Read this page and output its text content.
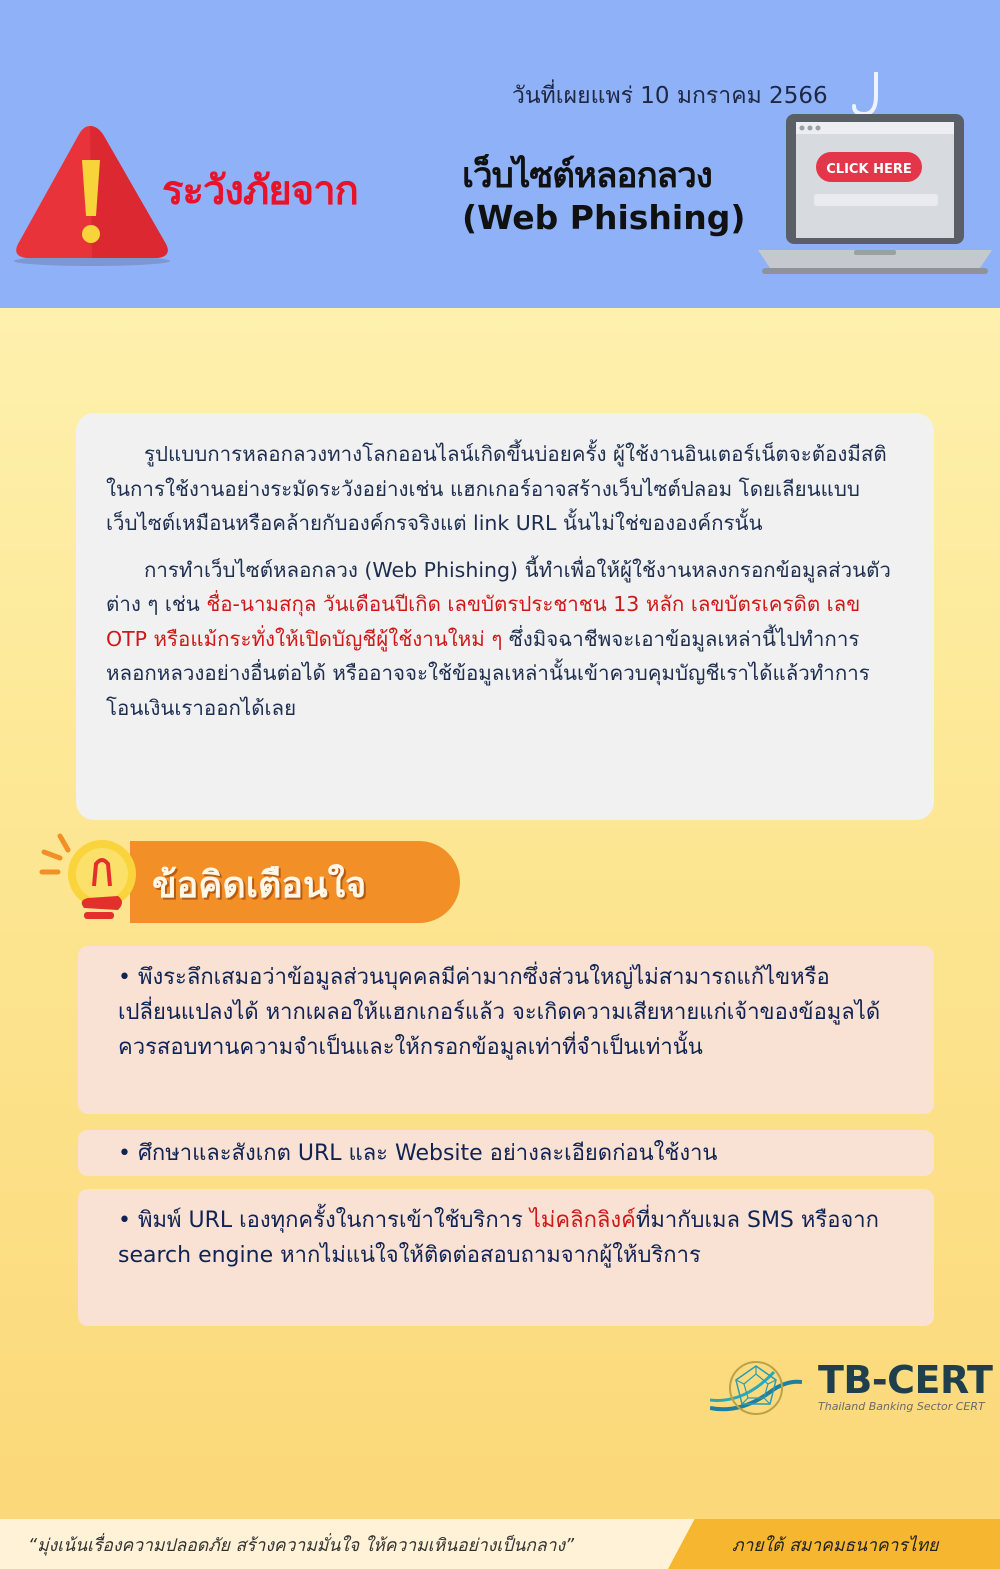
วันที่เผยแพร่ 10 มกราคม 2566
ระวังภัยจาก	เว็บไซต์หลอกลวง
(Web Phishing)
CLICK HERE

รูปแบบการหลอกลวงทางโลกออนไลน์เกิดขึ้นบ่อยครั้ง ผู้ใช้งานอินเตอร์เน็ตจะต้องมีสติในการใช้งานอย่างระมัดระวังอย่างเช่น แฮกเกอร์อาจสร้างเว็บไซต์ปลอม โดยเลียนแบบ เว็บไซต์เหมือนหรือคล้ายกับองค์กรจริงแต่ link URL นั้นไม่ใช่ขององค์กรนั้น

การทำเว็บไซต์หลอกลวง (Web Phishing) นี้ทำเพื่อให้ผู้ใช้งานหลงกรอกข้อมูลส่วนตัวต่าง ๆ เช่น ชื่อ-นามสกุล วันเดือนปีเกิด เลขบัตรประชาชน 13 หลัก เลขบัตรเครดิต เลข OTP หรือแม้กระทั่งให้เปิดบัญชีผู้ใช้งานใหม่ ๆ ซึ่งมิจฉาชีพจะเอาข้อมูลเหล่านี้ไปทำการหลอกหลวงอย่างอื่นต่อได้ หรืออาจจะใช้ข้อมูลเหล่านั้นเข้าควบคุมบัญชีเราได้แล้วทำการโอนเงินเราออกได้เลย

ข้อคิดเตือนใจ
• พึงระลึกเสมอว่าข้อมูลส่วนบุคคลมีค่ามากซึ่งส่วนใหญ่ไม่สามารถแก้ไขหรือเปลี่ยนแปลงได้ หากเผลอให้แฮกเกอร์แล้ว จะเกิดความเสียหายแก่เจ้าของข้อมูลได้ควรสอบทานความจำเป็นและให้กรอกข้อมูลเท่าที่จำเป็นเท่านั้น
• ศึกษาและสังเกต URL และ Website อย่างละเอียดก่อนใช้งาน
• พิมพ์ URL เองทุกครั้งในการเข้าใช้บริการ ไม่คลิกลิงค์ที่มากับเมล SMS หรือจาก search engine หากไม่แน่ใจให้ติดต่อสอบถามจากผู้ให้บริการ
TB-CERT
Thailand Banking Sector CERT
“มุ่งเน้นเรื่องความปลอดภัย สร้างความมั่นใจ ให้ความเหินอย่างเป็นกลาง”	ภายใต้ สมาคมธนาคารไทย
